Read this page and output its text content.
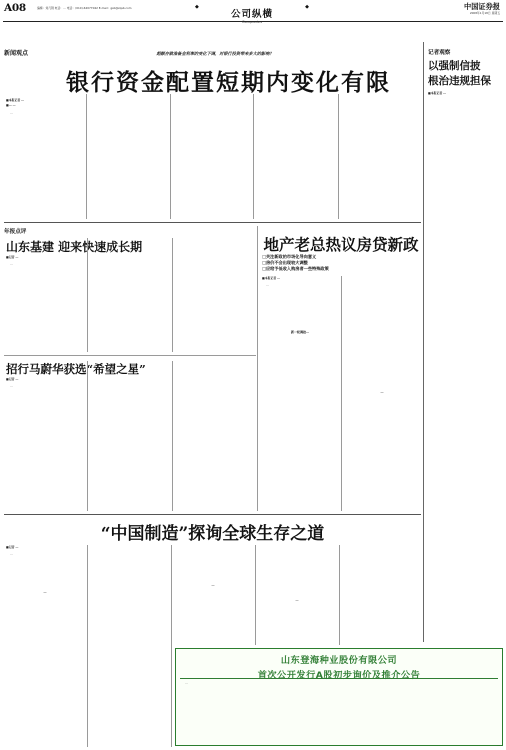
A08	编辑：刘凡钢 电话：… 电话：(010)-62077042 E-mail：gsb@zqsb.com	◆
公司纵横
◆
Companies
中国证券报
2008年1月18日 星期五
新闻观点	超额存款准备金利率的变化下调，对银行投资带来多大的影响？
银行资金配置短期内变化有限
■本报记者 …
■… …

…

记者观察
以强制信披
根治违规担保
■本报记者 …
年报点评
山东基建 迎来快速成长期
■记者 …

…

地产老总热议房贷新政
□关注新政的市场化导向意义
□房价不会出现较大调整
□应给予低收入购房者一些特殊政策
■本报记者 …

…

新一轮调控…
…
招行马蔚华获选“希望之星”
■记者 …

…

“中国制造”探询全球生存之道
■记者 …

…

…
…
…
山东登海种业股份有限公司
首次公开发行A股初步询价及推介公告

…

…
